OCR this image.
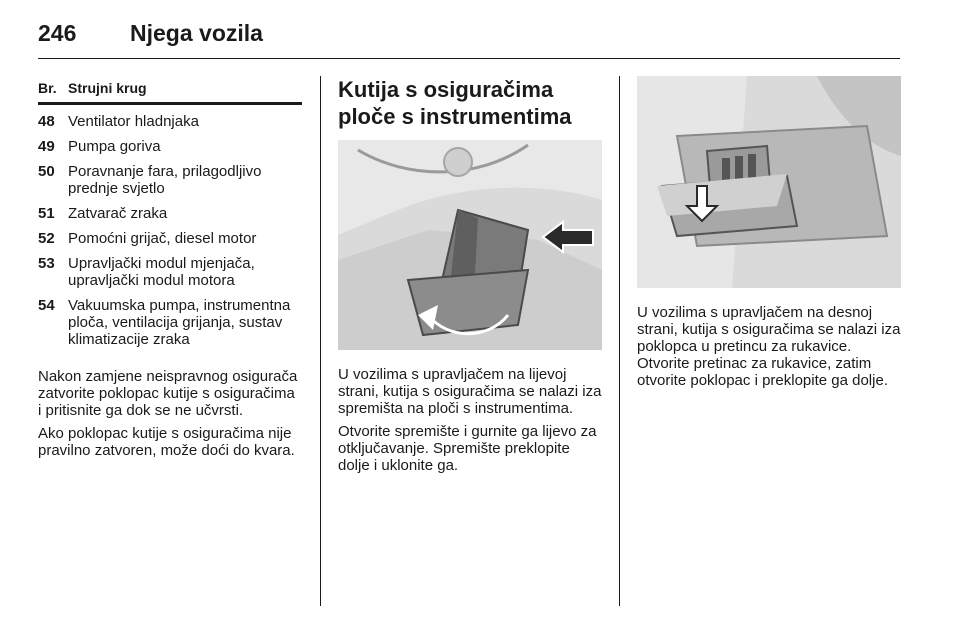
246 Njega vozila
Br. Strujni krug
48 Ventilator hladnjaka
49 Pumpa goriva
50 Poravnanje fara, prilagodljivo prednje svjetlo
51 Zatvarač zraka
52 Pomoćni grijač, diesel motor
53 Upravljački modul mjenjača, upravljački modul motora
54 Vakuumska pumpa, instrumentna ploča, ventilacija grijanja, sustav klimatizacije zraka

Nakon zamjene neispravnog osigurača zatvorite poklopac kutije s osiguračima i pritisnite ga dok se ne učvrsti.

Ako poklopac kutije s osiguračima nije pravilno zatvoren, može doći do kvara.

Kutija s osiguračima ploče s instrumentima

U vozilima s upravljačem na lijevoj strani, kutija s osiguračima se nalazi iza spremišta na ploči s instrumentima.

Otvorite spremište i gurnite ga lijevo za otključavanje. Spremište preklopite dolje i uklonite ga.

U vozilima s upravljačem na desnoj strani, kutija s osiguračima se nalazi iza poklopca u pretincu za rukavice. Otvorite pretinac za rukavice, zatim otvorite poklopac i preklopite ga dolje.
